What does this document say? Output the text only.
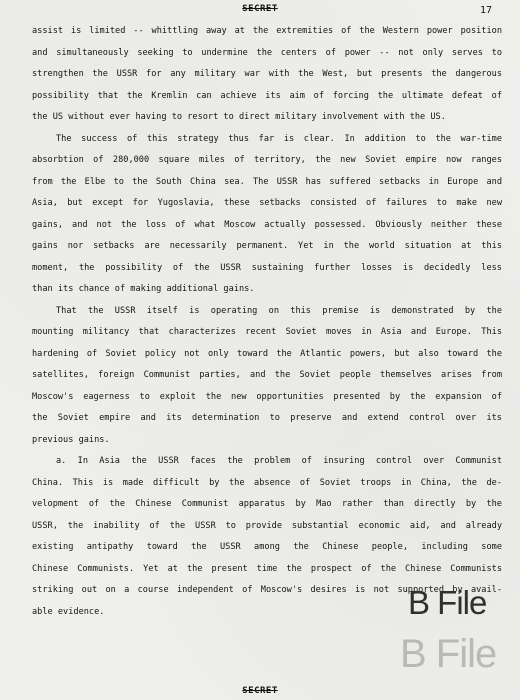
SECRET	17
assist is limited -- whittling away at the extremities of the Western power position
and simultaneously seeking to undermine the centers of power -- not only serves to
strengthen the USSR for any military war with the West, but presents the dangerous
possibility that the Kremlin can achieve its aim of forcing the ultimate defeat of
the US without ever having to resort to direct military involvement with the US.
The success of this strategy thus far is clear. In addition to the war-time
absorbtion of 280,000 square miles of territory, the new Soviet empire now ranges
from the Elbe to the South China sea. The USSR has suffered setbacks in Europe and
Asia, but except for Yugoslavia, these setbacks consisted of failures to make new
gains, and not the loss of what Moscow actually possessed. Obviously neither these
gains nor setbacks are necessarily permanent. Yet in the world situation at this
moment, the possibility of the USSR sustaining further losses is decidedly less
than its chance of making additional gains.
That the USSR itself is operating on this premise is demonstrated by the
mounting militancy that characterizes recent Soviet moves in Asia and Europe. This
hardening of Soviet policy not only toward the Atlantic powers, but also toward the
satellites, foreign Communist parties, and the Soviet people themselves arises from
Moscow's eagerness to exploit the new opportunities presented by the expansion of
the Soviet empire and its determination to preserve and extend control over its
previous gains.
a. In Asia the USSR faces the problem of insuring control over Communist
China. This is made difficult by the absence of Soviet troops in China, the de-
velopment of the Chinese Communist apparatus by Mao rather than directly by the
USSR, the inability of the USSR to provide substantial economic aid, and already
existing antipathy toward the USSR among the Chinese people, including some
Chinese Communists. Yet at the present time the prospect of the Chinese Communists
striking out on a course independent of Moscow's desires is not supported by avail-
able evidence.
SECRET
B File
B File
